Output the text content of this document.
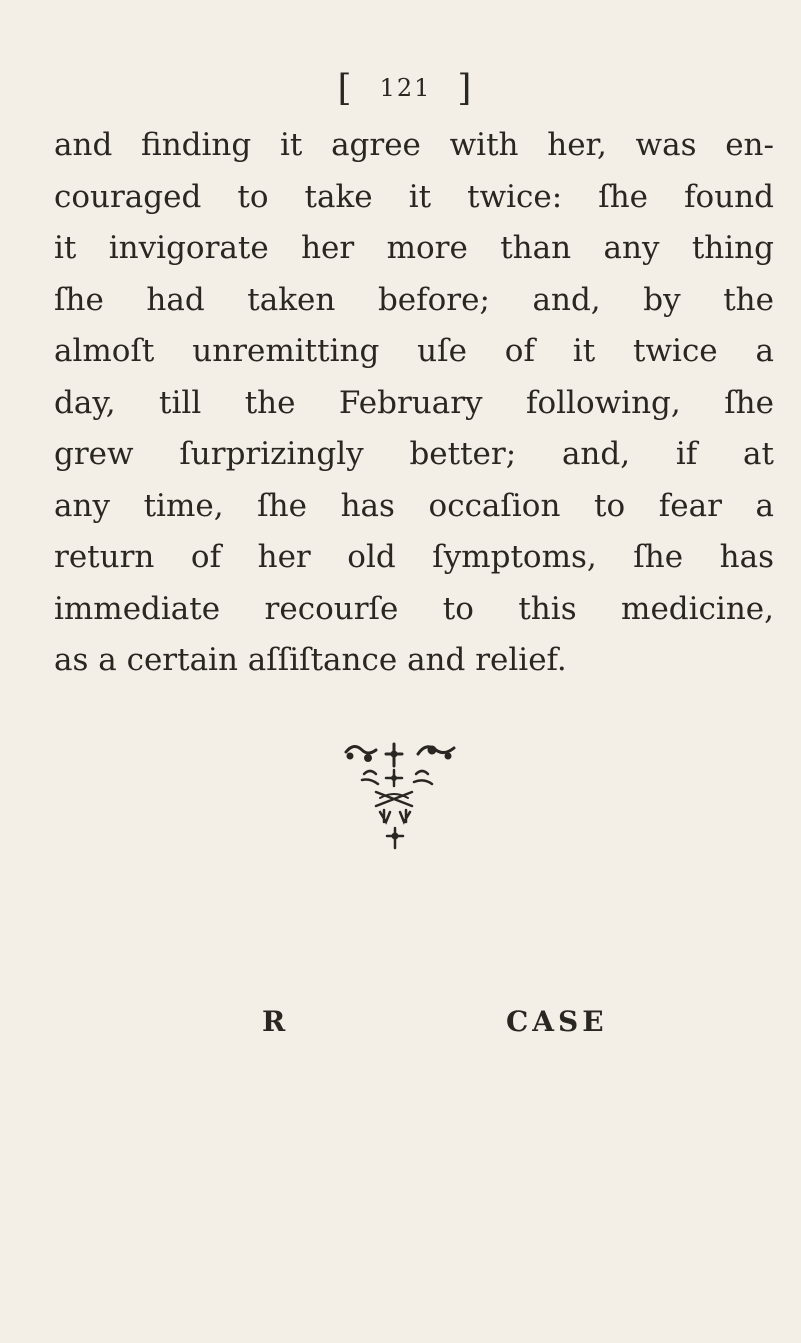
[ 121 ]

and finding it agree with her, was en-
couraged to take it twice: ſhe found
it invigorate her more than any thing
ſhe had taken before; and, by the
almoſt unremitting uſe of it twice a
day, till the February following, ſhe
grew ſurprizingly better; and, if at
any time, ſhe has occaſion to fear a
return of her old ſymptoms, ſhe has
immediate recourſe to this medicine,
as a certain aſſiſtance and relief.

R	CASE
